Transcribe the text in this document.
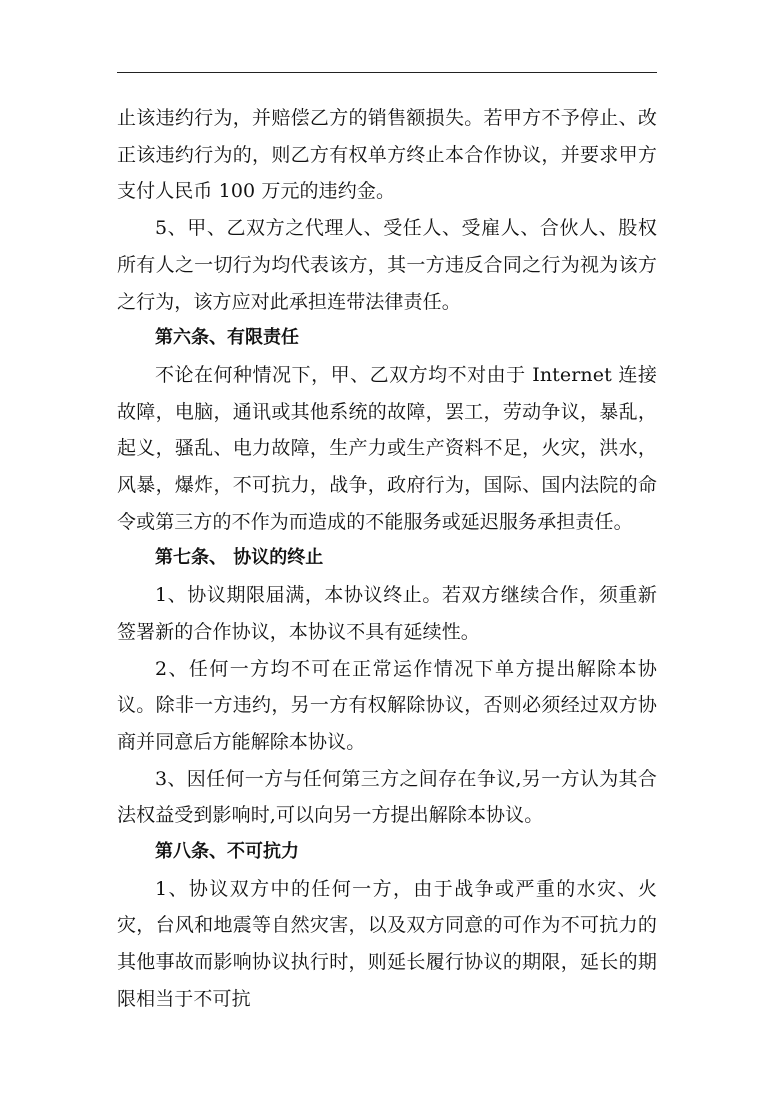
止该违约行为，并赔偿乙方的销售额损失。若甲方不予停止、改正该违约行为的，则乙方有权单方终止本合作协议，并要求甲方支付人民币 100 万元的违约金。

5、甲、乙双方之代理人、受任人、受雇人、合伙人、股权所有人之一切行为均代表该方，其一方违反合同之行为视为该方之行为，该方应对此承担连带法律责任。

第六条、有限责任

不论在何种情况下，甲、乙双方均不对由于 Internet 连接故障，电脑，通讯或其他系统的故障，罢工，劳动争议，暴乱，起义，骚乱、电力故障，生产力或生产资料不足，火灾，洪水，风暴，爆炸，不可抗力，战争，政府行为，国际、国内法院的命令或第三方的不作为而造成的不能服务或延迟服务承担责任。

第七条、 协议的终止

1、协议期限届满，本协议终止。若双方继续合作，须重新签署新的合作协议，本协议不具有延续性。

2、任何一方均不可在正常运作情况下单方提出解除本协议。除非一方违约，另一方有权解除协议，否则必须经过双方协商并同意后方能解除本协议。

3、因任何一方与任何第三方之间存在争议,另一方认为其合法权益受到影响时,可以向另一方提出解除本协议。

第八条、不可抗力

1、协议双方中的任何一方，由于战争或严重的水灾、火灾，台风和地震等自然灾害，以及双方同意的可作为不可抗力的其他事故而影响协议执行时，则延长履行协议的期限，延长的期限相当于不可抗
